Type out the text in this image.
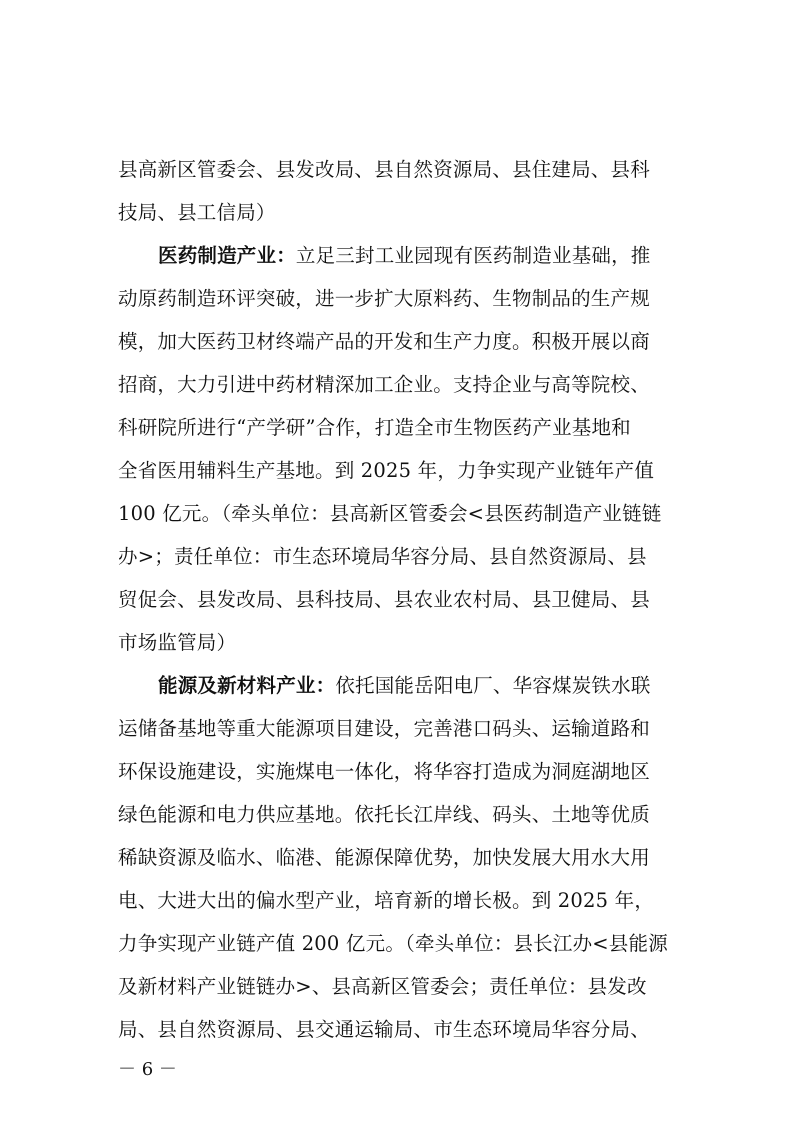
县高新区管委会、县发改局、县自然资源局、县住建局、县科
技局、县工信局）
医药制造产业：立足三封工业园现有医药制造业基础，推
动原药制造环评突破，进一步扩大原料药、生物制品的生产规
模，加大医药卫材终端产品的开发和生产力度。积极开展以商
招商，大力引进中药材精深加工企业。支持企业与高等院校、
科研院所进行“产学研”合作，打造全市生物医药产业基地和
全省医用辅料生产基地。到 2025 年，力争实现产业链年产值
100 亿元。（牵头单位：县高新区管委会<县医药制造产业链链
办>；责任单位：市生态环境局华容分局、县自然资源局、县
贸促会、县发改局、县科技局、县农业农村局、县卫健局、县
市场监管局）
能源及新材料产业：依托国能岳阳电厂、华容煤炭铁水联
运储备基地等重大能源项目建设，完善港口码头、运输道路和
环保设施建设，实施煤电一体化，将华容打造成为洞庭湖地区
绿色能源和电力供应基地。依托长江岸线、码头、土地等优质
稀缺资源及临水、临港、能源保障优势，加快发展大用水大用
电、大进大出的偏水型产业，培育新的增长极。到 2025 年，
力争实现产业链产值 200 亿元。（牵头单位：县长江办<县能源
及新材料产业链链办>、县高新区管委会；责任单位：县发改
局、县自然资源局、县交通运输局、市生态环境局华容分局、
－ 6 －
